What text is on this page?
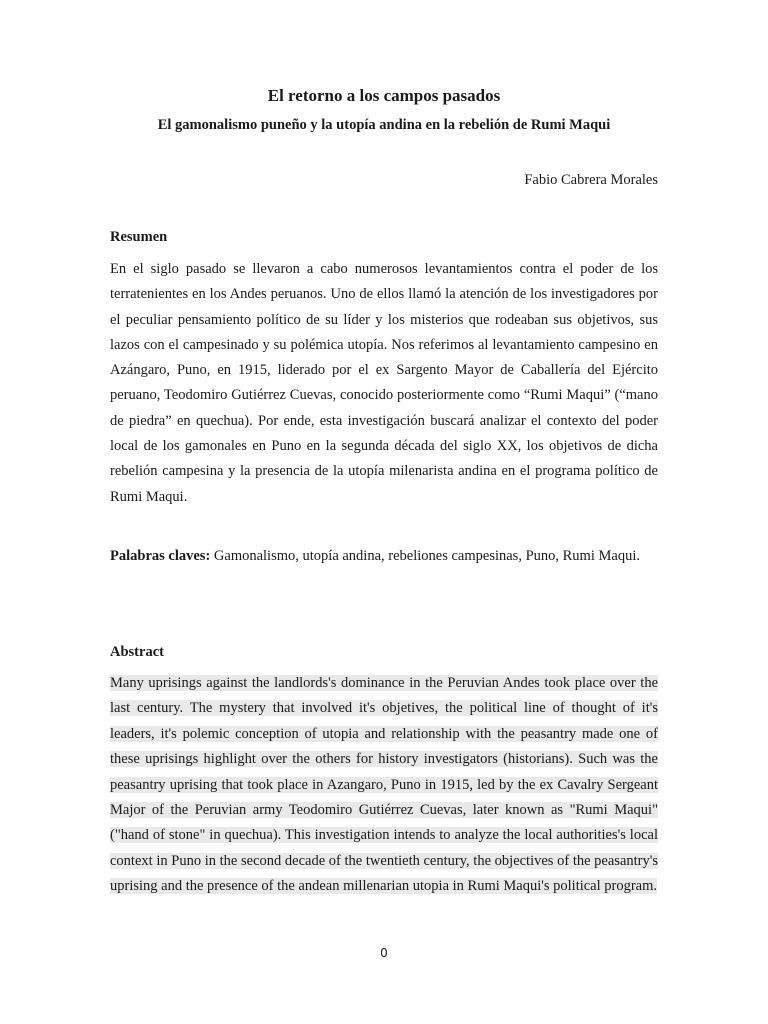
El retorno a los campos pasados
El gamonalismo puneño y la utopía andina en la rebelión de Rumi Maqui
Fabio Cabrera Morales
Resumen
En el siglo pasado se llevaron a cabo numerosos levantamientos contra el poder de los terratenientes en los Andes peruanos. Uno de ellos llamó la atención de los investigadores por el peculiar pensamiento político de su líder y los misterios que rodeaban sus objetivos, sus lazos con el campesinado y su polémica utopía. Nos referimos al levantamiento campesino en Azángaro, Puno, en 1915, liderado por el ex Sargento Mayor de Caballería del Ejército peruano, Teodomiro Gutiérrez Cuevas, conocido posteriormente como “Rumi Maqui” (“mano de piedra” en quechua). Por ende, esta investigación buscará analizar el contexto del poder local de los gamonales en Puno en la segunda década del siglo XX, los objetivos de dicha rebelión campesina y la presencia de la utopía milenarista andina en el programa político de Rumi Maqui.
Palabras claves: Gamonalismo, utopía andina, rebeliones campesinas, Puno, Rumi Maqui.
Abstract
Many uprisings against the landlords's dominance in the Peruvian Andes took place over the last century. The mystery that involved it's objetives, the political line of thought of it's leaders, it's polemic conception of utopia and relationship with the peasantry made one of these uprisings highlight over the others for history investigators (historians). Such was the peasantry uprising that took place in Azangaro, Puno in 1915, led by the ex Cavalry Sergeant Major of the Peruvian army Teodomiro Gutiérrez Cuevas, later known as "Rumi Maqui" ("hand of stone" in quechua). This investigation intends to analyze the local authorities's local context in Puno in the second decade of the twentieth century, the objectives of the peasantry's uprising and the presence of the andean millenarian utopia in Rumi Maqui's political program.
0
